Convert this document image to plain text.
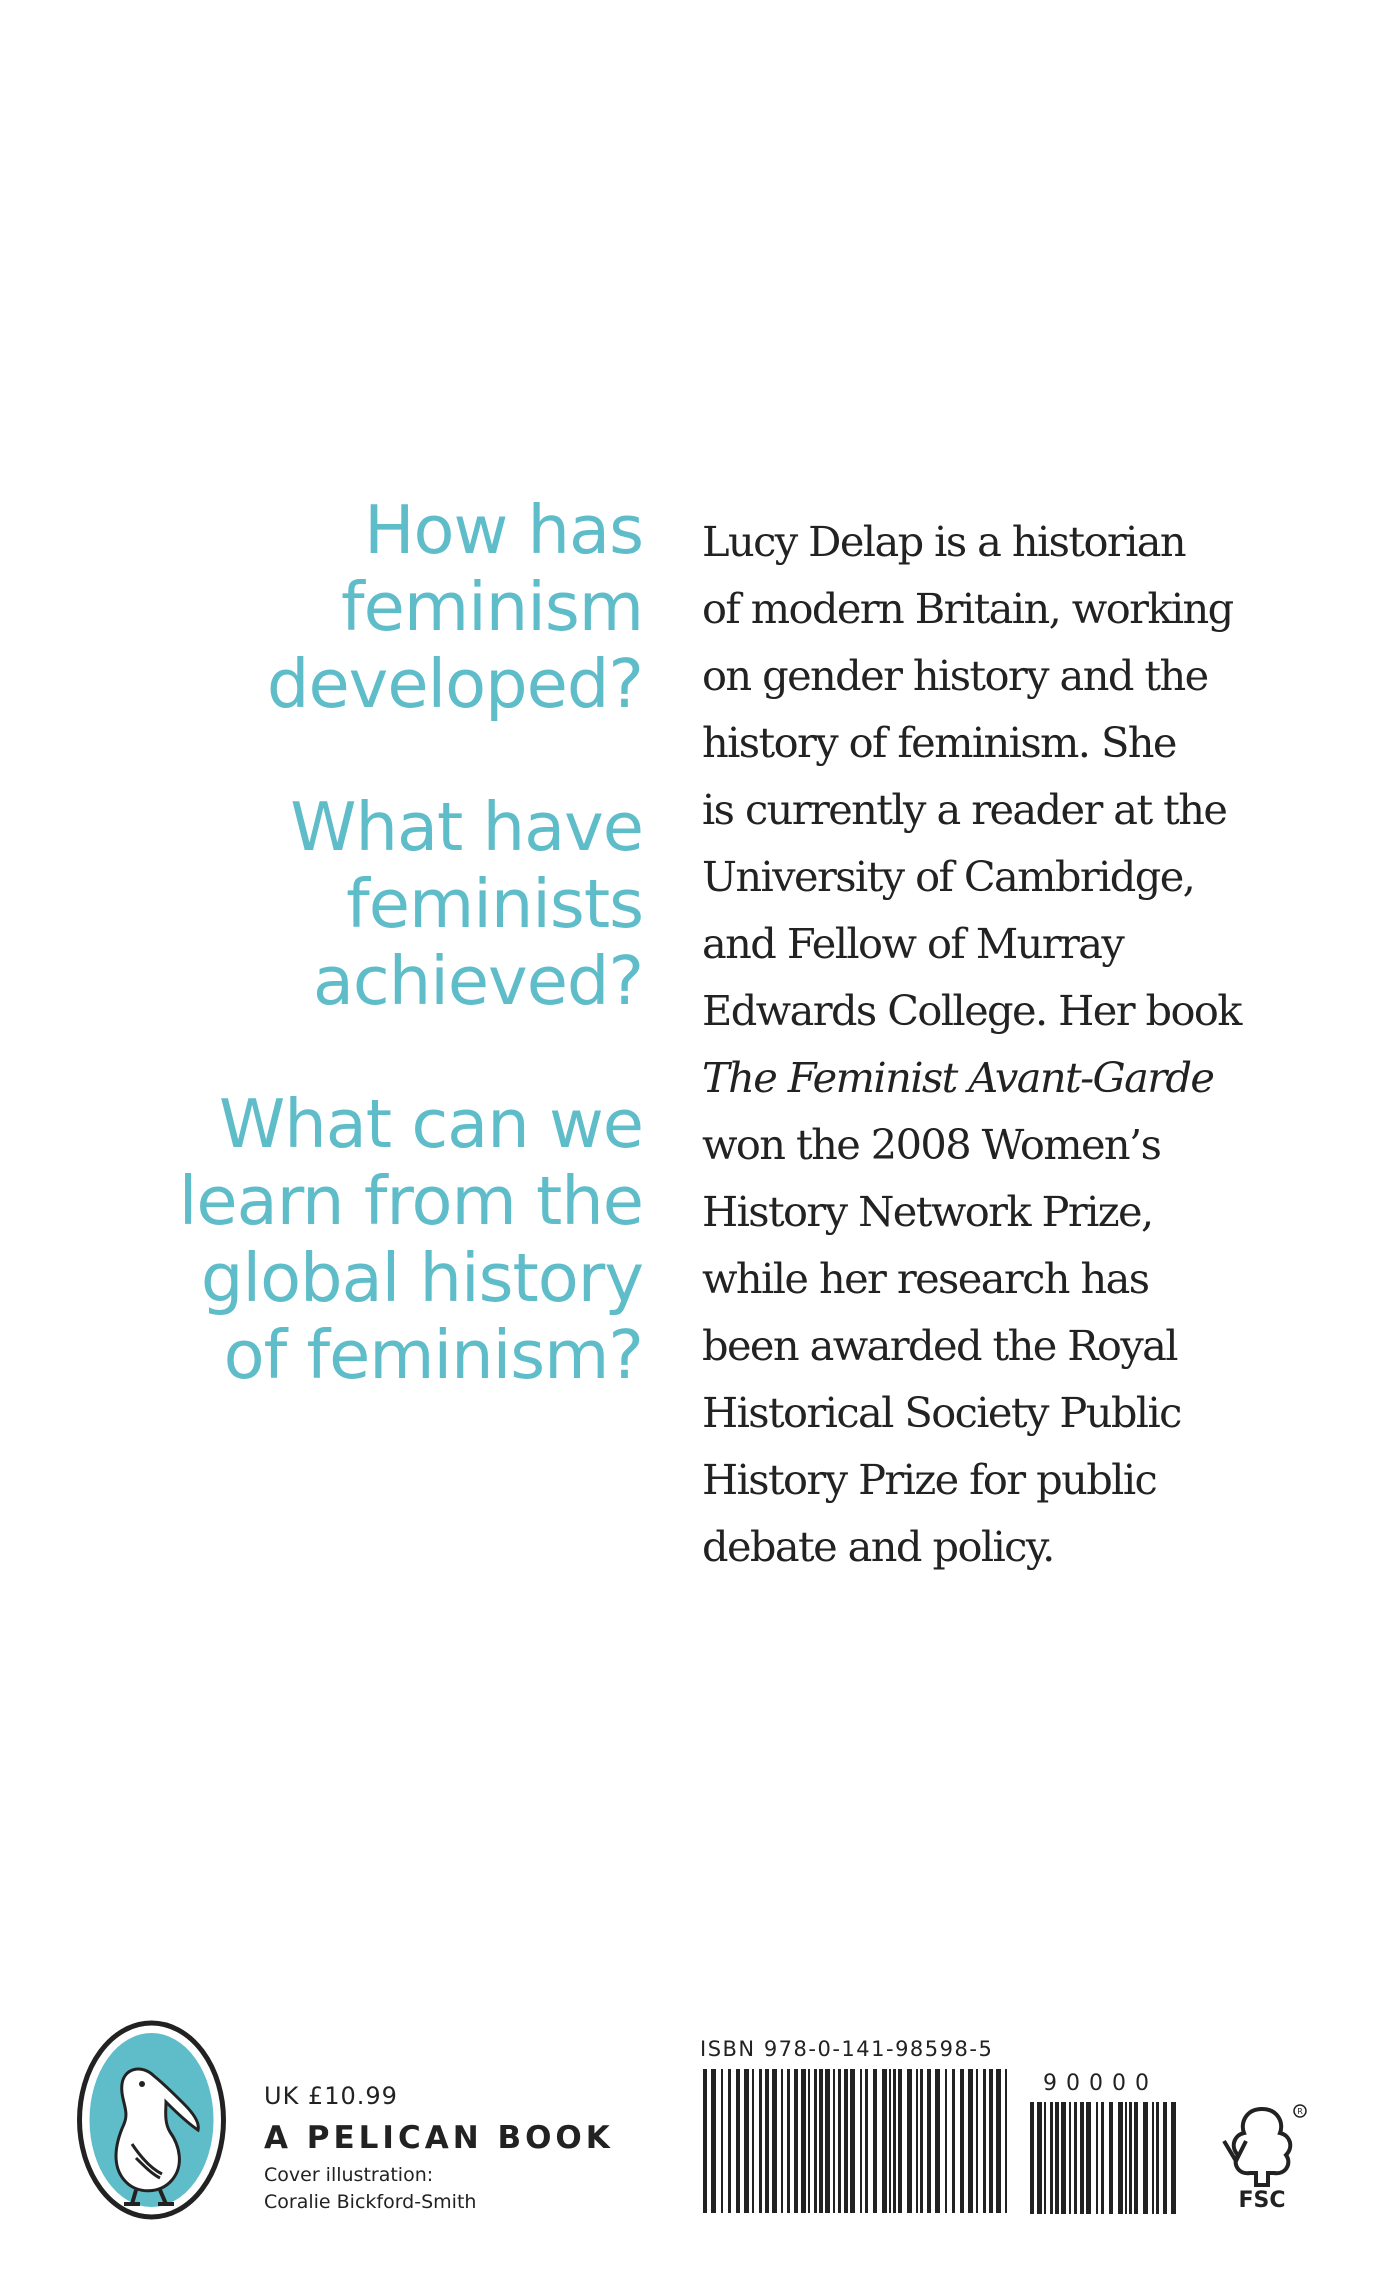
How has
feminism
developed?
What have
feminists
achieved?
What can we
learn from the
global history
of feminism?
Lucy Delap is a historian
of modern Britain, working
on gender history and the
history of feminism. She
is currently a reader at the
University of Cambridge,
and Fellow of Murray
Edwards College. Her book
The Feminist Avant-Garde
won the 2008 Women’s
History Network Prize,
while her research has
been awarded the Royal
Historical Society Public
History Prize for public
debate and policy.
UK £10.99
A PELICAN BOOK
Cover illustration:
Coralie Bickford-Smith
ISBN 978-0-141-98598-5
90000
R
FSC
